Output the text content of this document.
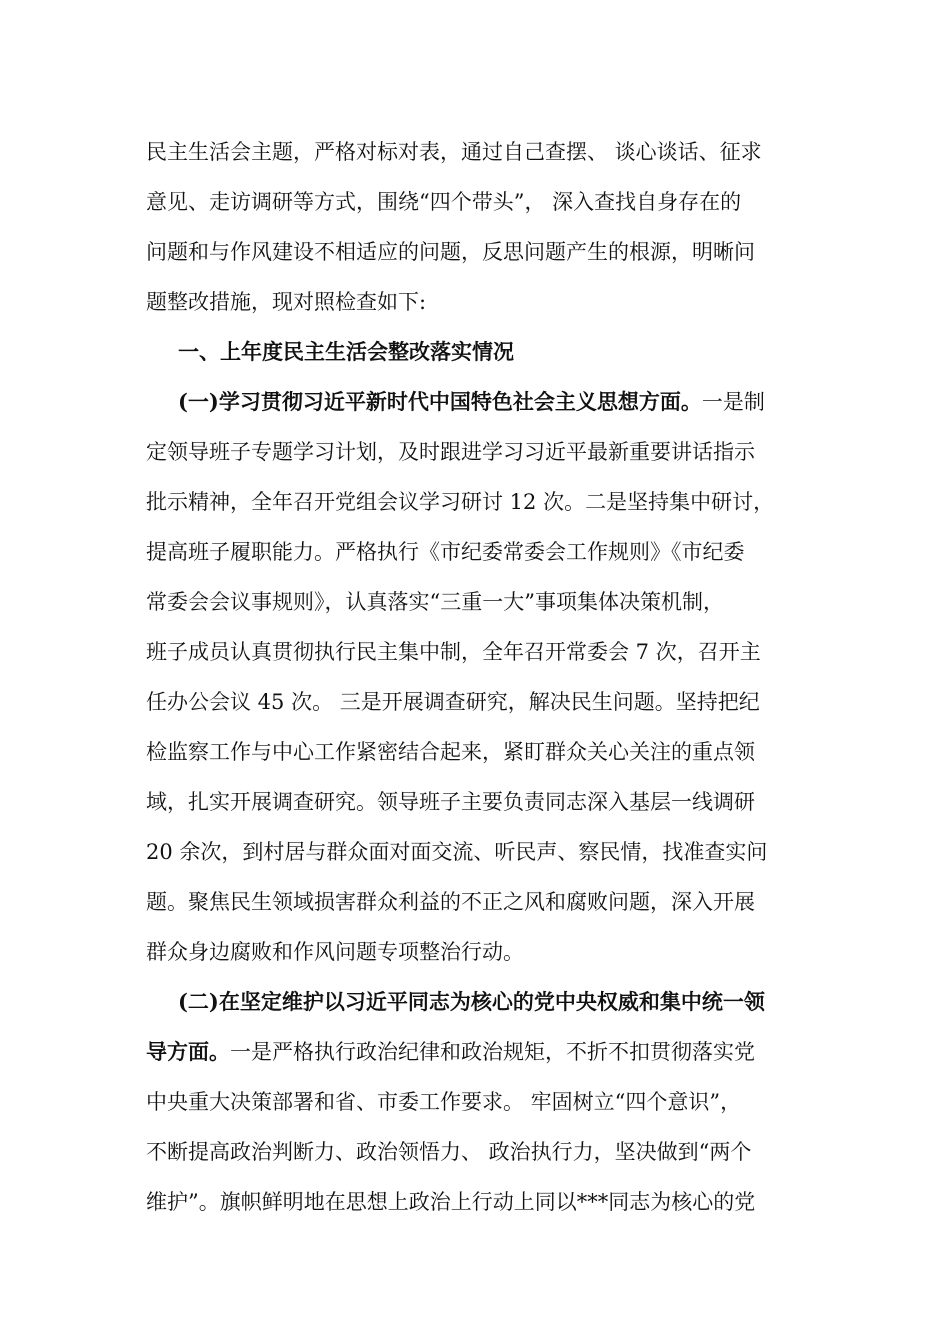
民主生活会主题，严格对标对表，通过自己查摆、 谈心谈话、征求
意见、走访调研等方式，围绕“四个带头”， 深入查找自身存在的
问题和与作风建设不相适应的问题，反思问题产生的根源，明晰问
题整改措施，现对照检查如下:
一、上年度民主生活会整改落实情况
(一)学习贯彻习近平新时代中国特色社会主义思想方面。一是制
定领导班子专题学习计划，及时跟进学习习近平最新重要讲话指示
批示精神，全年召开党组会议学习研讨 12 次。二是坚持集中研讨，
提高班子履职能力。严格执行《市纪委常委会工作规则》《市纪委
常委会会议事规则》，认真落实“三重一大”事项集体决策机制，
班子成员认真贯彻执行民主集中制，全年召开常委会 7 次，召开主
任办公会议 45 次。 三是开展调查研究，解决民生问题。坚持把纪
检监察工作与中心工作紧密结合起来，紧盯群众关心关注的重点领
域，扎实开展调查研究。领导班子主要负责同志深入基层一线调研
20 余次，到村居与群众面对面交流、听民声、察民情，找准查实问
题。聚焦民生领域损害群众利益的不正之风和腐败问题，深入开展
群众身边腐败和作风问题专项整治行动。
(二)在坚定维护以习近平同志为核心的党中央权威和集中统一领
导方面。一是严格执行政治纪律和政治规矩，不折不扣贯彻落实党
中央重大决策部署和省、市委工作要求。 牢固树立“四个意识”，
不断提高政治判断力、政治领悟力、 政治执行力，坚决做到“两个
维护”。旗帜鲜明地在思想上政治上行动上同以***同志为核心的党
